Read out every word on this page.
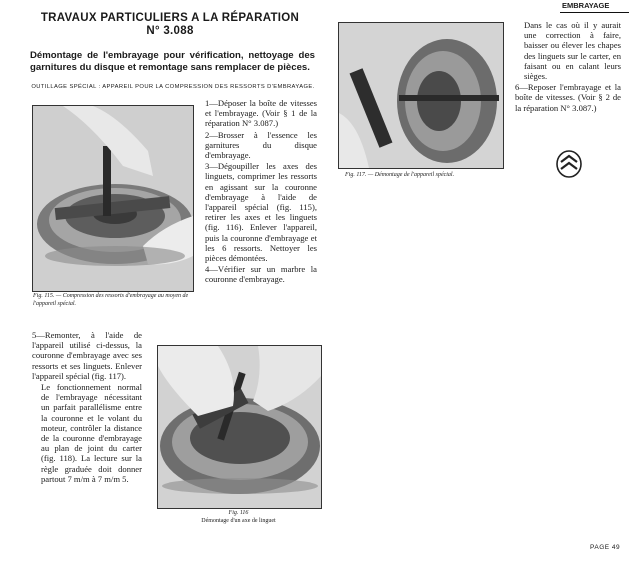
EMBRAYAGE
TRAVAUX PARTICULIERS A LA RÉPARATION
N° 3.088
Démontage de l'embrayage pour vérification, nettoyage des garnitures du disque et remontage sans remplacer de pièces.
OUTILLAGE SPÉCIAL : APPAREIL POUR LA COMPRESSION DES RESSORTS D'EMBRAYAGE.
Fig. 115. — Compression des ressorts d'embrayage au moyen de l'appareil spécial.

1—Déposer la boîte de vitesses et l'embrayage. (Voir § 1 de la réparation N° 3.087.)

2—Brosser à l'essence les garnitures du disque d'embrayage.

3—Dégoupiller les axes des linguets, comprimer les ressorts en agissant sur la couronne d'embrayage à l'aide de l'appareil spécial (fig. 115), retirer les axes et les linguets (fig. 116). Enlever l'appareil, puis la couronne d'embrayage et les 6 ressorts. Nettoyer les pièces démontées.

4—Vérifier sur un marbre la couronne d'embrayage.

5—Remonter, à l'aide de l'appareil utilisé ci-dessus, la couronne d'embrayage avec ses ressorts et ses linguets. Enlever l'appareil spécial (fig. 117).

Le fonctionnement normal de l'embrayage nécessitant un parfait parallélisme entre la couronne et le volant du moteur, contrôler la distance de la couronne d'embrayage au plan de joint du carter (fig. 118). La lecture sur la règle graduée doit donner partout 7 m/m à 7 m/m 5.

Fig. 116
Démontage d'un axe de linguet
Fig. 117. — Démontage de l'appareil spécial.

Dans le cas où il y aurait une correction à faire, baisser ou élever les chapes des linguets sur le carter, en faisant ou en calant leurs sièges.

6—Reposer l'embrayage et la boîte de vitesses. (Voir § 2 de la réparation N° 3.087.)

PAGE 49
